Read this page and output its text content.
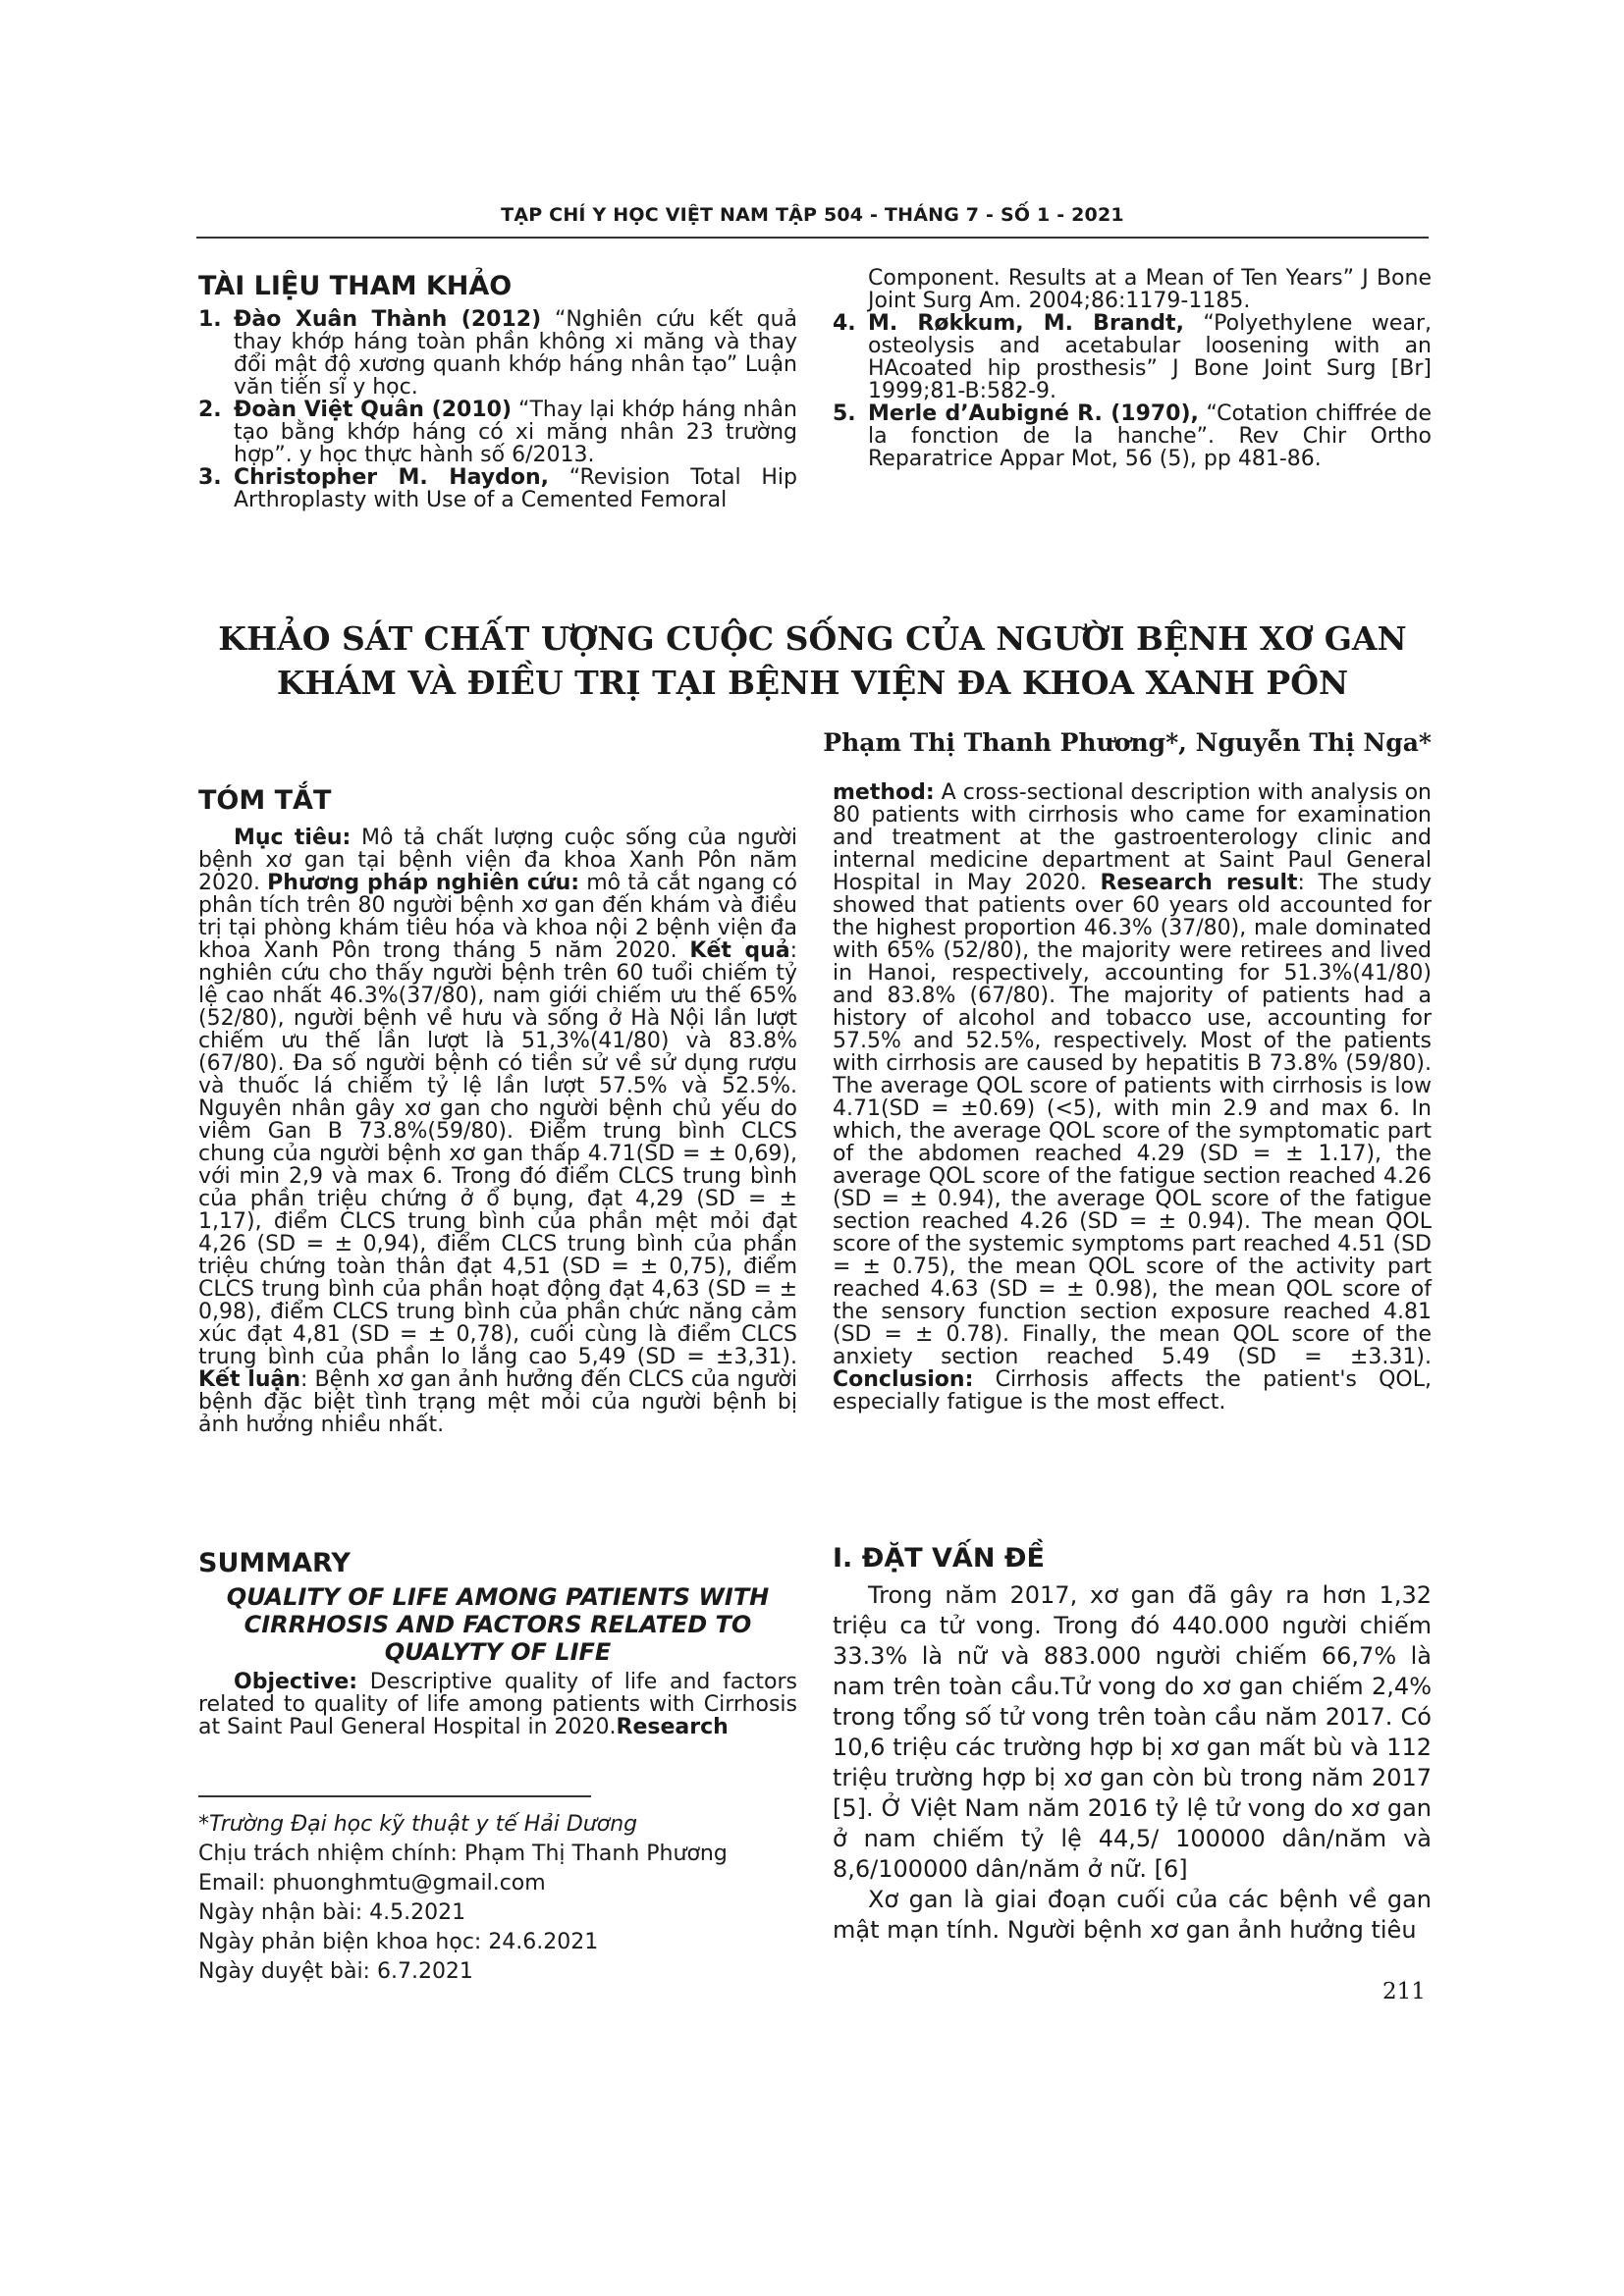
TẠP CHÍ Y HỌC VIỆT NAM TẬP 504 - THÁNG 7 - SỐ 1 - 2021
TÀI LIỆU THAM KHẢO
1. Đào Xuân Thành (2012) “Nghiên cứu kết quả thay khớp háng toàn phần không xi măng và thay đổi mật độ xương quanh khớp háng nhân tạo” Luận văn tiến sĩ y học.
2. Đoàn Việt Quân (2010) “Thay lại khớp háng nhân tạo bằng khớp háng có xi măng nhân 23 trường hợp”. y học thực hành số 6/2013.
3. Christopher M. Haydon, “Revision Total Hip Arthroplasty with Use of a Cemented Femoral
Component. Results at a Mean of Ten Years” J Bone Joint Surg Am. 2004;86:1179-1185.
4. M. Røkkum, M. Brandt, “Polyethylene wear, osteolysis and acetabular loosening with an HAcoated hip prosthesis” J Bone Joint Surg [Br] 1999;81-B:582-9.
5. Merle d’Aubigné R. (1970), “Cotation chiffrée de la fonction de la hanche”. Rev Chir Ortho Reparatrice Appar Mot, 56 (5), pp 481-86.
KHẢO SÁT CHẤT ƯỢNG CUỘC SỐNG CỦA NGƯỜI BỆNH XƠ GAN
KHÁM VÀ ĐIỀU TRỊ TẠI BỆNH VIỆN ĐA KHOA XANH PÔN
Phạm Thị Thanh Phương*, Nguyễn Thị Nga*
TÓM TẮT

Mục tiêu: Mô tả chất lượng cuộc sống của người bệnh xơ gan tại bệnh viện đa khoa Xanh Pôn năm 2020. Phương pháp nghiên cứu: mô tả cắt ngang có phân tích trên 80 người bệnh xơ gan đến khám và điều trị tại phòng khám tiêu hóa và khoa nội 2 bệnh viện đa khoa Xanh Pôn trong tháng 5 năm 2020. Kết quả: nghiên cứu cho thấy người bệnh trên 60 tuổi chiếm tỷ lệ cao nhất 46.3%(37/80), nam giới chiếm ưu thế 65%(52/80), người bệnh về hưu và sống ở Hà Nội lần lượt chiếm ưu thế lần lượt là 51,3%(41/80) và 83.8% (67/80). Đa số người bệnh có tiền sử về sử dụng rượu và thuốc lá chiếm tỷ lệ lần lượt 57.5% và 52.5%. Nguyên nhân gây xơ gan cho người bệnh chủ yếu do viêm Gan B 73.8%(59/80). Điểm trung bình CLCS chung của người bệnh xơ gan thấp 4.71(SD = ± 0,69), với min 2,9 và max 6. Trong đó điểm CLCS trung bình của phần triệu chứng ở ổ bụng, đạt 4,29 (SD = ± 1,17), điểm CLCS trung bình của phần mệt mỏi đạt 4,26 (SD = ± 0,94), điểm CLCS trung bình của phần triệu chứng toàn thân đạt 4,51 (SD = ± 0,75), điểm CLCS trung bình của phần hoạt động đạt 4,63 (SD = ± 0,98), điểm CLCS trung bình của phần chức năng cảm xúc đạt 4,81 (SD = ± 0,78), cuối cùng là điểm CLCS trung bình của phần lo lắng cao 5,49 (SD = ±3,31). Kết luận: Bệnh xơ gan ảnh hưởng đến CLCS của người bệnh đặc biệt tình trạng mệt mỏi của người bệnh bị ảnh hưởng nhiều nhất.

SUMMARY
QUALITY OF LIFE AMONG PATIENTS WITH
CIRRHOSIS AND FACTORS RELATED TO
QUALYTY OF LIFE

Objective: Descriptive quality of life and factors related to quality of life among patients with Cirrhosis at Saint Paul General Hospital in 2020.Research

*Trường Đại học kỹ thuật y tế Hải Dương
Chịu trách nhiệm chính: Phạm Thị Thanh Phương
Email: phuonghmtu@gmail.com
Ngày nhận bài: 4.5.2021
Ngày phản biện khoa học: 24.6.2021
Ngày duyệt bài: 6.7.2021
method: A cross-sectional description with analysis on 80 patients with cirrhosis who came for examination and treatment at the gastroenterology clinic and internal medicine department at Saint Paul General Hospital in May 2020. Research result: The study showed that patients over 60 years old accounted for the highest proportion 46.3% (37/80), male dominated with 65% (52/80), the majority were retirees and lived in Hanoi, respectively, accounting for 51.3%(41/80) and 83.8% (67/80). The majority of patients had a history of alcohol and tobacco use, accounting for 57.5% and 52.5%, respectively. Most of the patients with cirrhosis are caused by hepatitis B 73.8% (59/80). The average QOL score of patients with cirrhosis is low 4.71(SD = ±0.69) (<5), with min 2.9 and max 6. In which, the average QOL score of the symptomatic part of the abdomen reached 4.29 (SD = ± 1.17), the average QOL score of the fatigue section reached 4.26 (SD = ± 0.94), the average QOL score of the fatigue section reached 4.26 (SD = ± 0.94). The mean QOL score of the systemic symptoms part reached 4.51 (SD = ± 0.75), the mean QOL score of the activity part reached 4.63 (SD = ± 0.98), the mean QOL score of the sensory function section exposure reached 4.81 (SD = ± 0.78). Finally, the mean QOL score of the anxiety section reached 5.49 (SD = ±3.31). Conclusion: Cirrhosis affects the patient's QOL, especially fatigue is the most effect.
I. ĐẶT VẤN ĐỀ

Trong năm 2017, xơ gan đã gây ra hơn 1,32 triệu ca tử vong. Trong đó 440.000 người chiếm 33.3% là nữ và 883.000 người chiếm 66,7% là nam trên toàn cầu.Tử vong do xơ gan chiếm 2,4% trong tổng số tử vong trên toàn cầu năm 2017. Có 10,6 triệu các trường hợp bị xơ gan mất bù và 112 triệu trường hợp bị xơ gan còn bù trong năm 2017 [5]. Ở Việt Nam năm 2016 tỷ lệ tử vong do xơ gan ở nam chiếm tỷ lệ 44,5/ 100000 dân/năm và 8,6/100000 dân/năm ở nữ. [6]

Xơ gan là giai đoạn cuối của các bệnh về gan mật mạn tính. Người bệnh xơ gan ảnh hưởng tiêu

211
